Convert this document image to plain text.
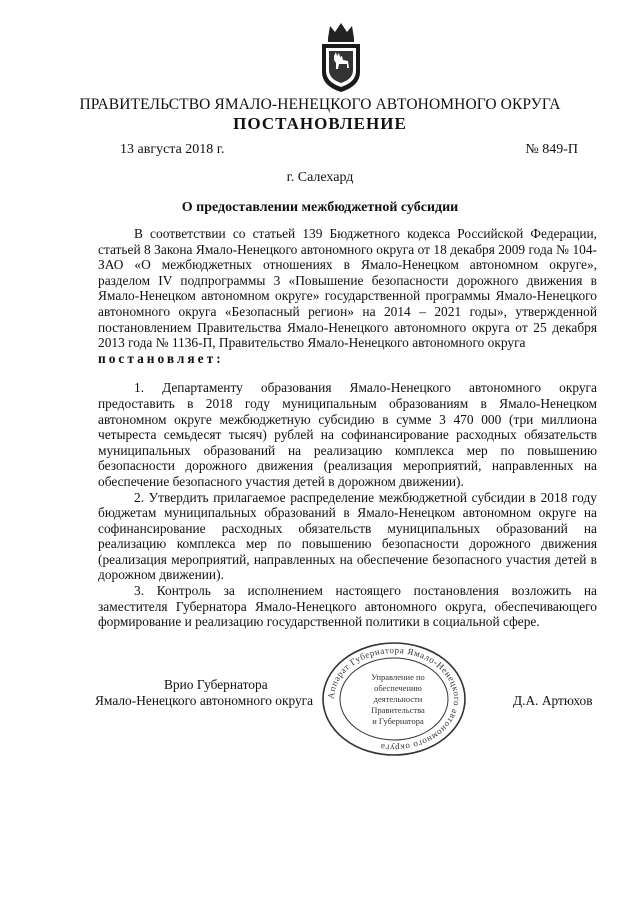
ПРАВИТЕЛЬСТВО ЯМАЛО-НЕНЕЦКОГО АВТОНОМНОГО ОКРУГА
ПОСТАНОВЛЕНИЕ
13 августа 2018 г.	№ 849-П
г. Салехард
О предоставлении межбюджетной субсидии

В соответствии со статьей 139 Бюджетного кодекса Российской Федерации, статьей 8 Закона Ямало-Ненецкого автономного округа от 18 декабря 2009 года № 104-ЗАО «О межбюджетных отношениях в Ямало-Ненецком автономном округе», разделом IV подпрограммы 3 «Повышение безопасности дорожного движения в Ямало-Ненецком автономном округе» государственной программы Ямало-Ненецкого автономного округа «Безопасный регион» на 2014 – 2021 годы», утвержденной постановлением Правительства Ямало-Ненецкого автономного округа от 25 декабря 2013 года № 1136-П, Правительство Ямало-Ненецкого автономного округа
постановляет:

1. Департаменту образования Ямало-Ненецкого автономного округа предоставить в 2018 году муниципальным образованиям в Ямало-Ненецком автономном округе межбюджетную субсидию в сумме 3 470 000 (три миллиона четыреста семьдесят тысяч) рублей на софинансирование расходных обязательств муниципальных образований на реализацию комплекса мер по повышению безопасности дорожного движения (реализация мероприятий, направленных на обеспечение безопасного участия детей в дорожном движении).

2. Утвердить прилагаемое распределение межбюджетной субсидии в 2018 году бюджетам муниципальных образований в Ямало-Ненецком автономном округе на софинансирование расходных обязательств муниципальных образований на реализацию комплекса мер по повышению безопасности дорожного движения (реализация мероприятий, направленных на обеспечение безопасного участия детей в дорожном движении).

3. Контроль за исполнением настоящего постановления возложить на заместителя Губернатора Ямало-Ненецкого автономного округа, обеспечивающего формирование и реализацию государственной политики в социальной сфере.

Врио Губернатора
Ямало-Ненецкого автономного округа	Д.А. Артюхов
Аппарат Губернатора Ямало-Ненецкого автономного округа
Управление по
обеспечению
деятельности
Правительства
и Губернатора
